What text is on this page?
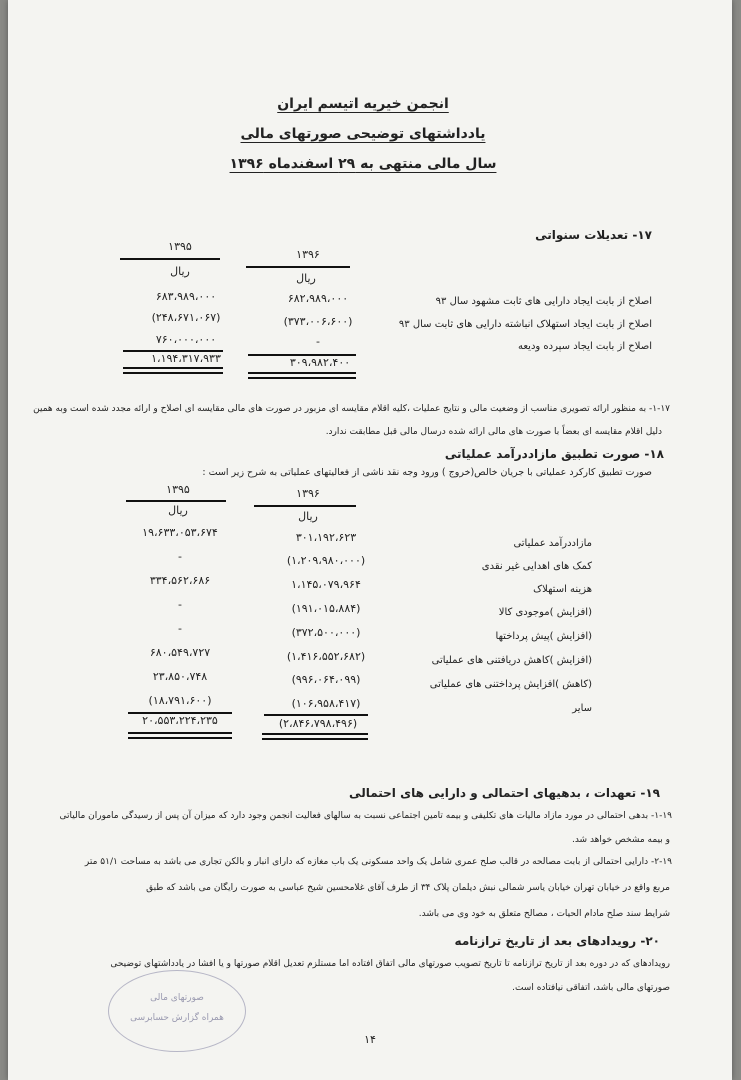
انجمن خیریه اتیسم ایران
یادداشتهای توضیحی صورتهای مالی
سال مالی منتهی به ۲۹ اسفندماه ۱۳۹۶
۱۷- تعدیلات سنواتی
۱۳۹۶
۱۳۹۵
ریال
ریال
اصلاح از بابت ایجاد دارایی های ثابت مشهود سال ۹۳
۶۸۲،۹۸۹،۰۰۰
۶۸۳،۹۸۹،۰۰۰
اصلاح از بابت ایجاد استهلاک انباشته دارایی های ثابت سال ۹۳
(۳۷۳،۰۰۶،۶۰۰)
(۲۴۸،۶۷۱،۰۶۷)
اصلاح از بابت ایجاد سپرده ودیعه
-
۷۶۰،۰۰۰،۰۰۰
۳۰۹،۹۸۲،۴۰۰
۱،۱۹۴،۳۱۷،۹۳۳
۱-۱۷- به منظور ارائه تصویری مناسب از وضعیت مالی و نتایج عملیات ،کلیه اقلام مقایسه ای مزبور در صورت های مالی مقایسه ای اصلاح و ارائه مجدد شده است وبه همین
دلیل اقلام مقایسه ای بعضاً با صورت های مالی ارائه شده درسال مالی قبل مطابقت ندارد.
۱۸- صورت تطبیق مازاددرآمد عملیاتی
صورت تطبیق کارکرد عملیاتی با جریان خالص(خروج ) ورود وجه نقد ناشی از فعالیتهای عملیاتی به شرح زیر است :
۱۳۹۶
۱۳۹۵
ریال
ریال
مازاددرآمد عملیاتی
۳۰۱،۱۹۲،۶۲۳
۱۹،۶۳۳،۰۵۳،۶۷۴
کمک های اهدایی غیر نقدی
(۱،۲۰۹،۹۸۰،۰۰۰)
-
هزینه استهلاک
۱،۱۴۵،۰۷۹،۹۶۴
۳۳۴،۵۶۲،۶۸۶
(افزایش )موجودی کالا
(۱۹۱،۰۱۵،۸۸۴)
-
(افزایش )پیش پرداختها
(۳۷۲،۵۰۰،۰۰۰)
-
(افزایش )کاهش دریافتنی های عملیاتی
(۱،۴۱۶،۵۵۲،۶۸۲)
۶۸۰،۵۴۹،۷۲۷
(کاهش )افزایش پرداختنی های عملیاتی
(۹۹۶،۰۶۴،۰۹۹)
۲۳،۸۵۰،۷۴۸
سایر
(۱۰۶،۹۵۸،۴۱۷)
(۱۸،۷۹۱،۶۰۰)
(۲،۸۴۶،۷۹۸،۴۹۶)
۲۰،۵۵۳،۲۲۴،۲۳۵
۱۹- تعهدات ، بدهیهای احتمالی و دارایی های احتمالی
۱-۱۹- بدهی احتمالی در مورد مازاد مالیات های تکلیفی و بیمه تامین اجتماعی نسبت به سالهای فعالیت انجمن وجود دارد که میزان آن پس از رسیدگی ماموران مالیاتی
و بیمه مشخص خواهد شد.
۲-۱۹- دارایی احتمالی از بابت مصالحه در قالب صلح عمری شامل یک واحد مسکونی یک باب مغازه که دارای انبار و بالکن تجاری می باشد به مساحت ۵۱/۱ متر
مربع واقع در خیابان تهران خیابان یاسر شمالی نبش دیلمان پلاک ۳۴ از طرف آقای غلامحسین شیخ عباسی به صورت رایگان می باشد که طبق
شرایط سند صلح مادام الحیات ، مصالح متعلق به خود وی می باشد.
۲۰- رویدادهای بعد از تاریخ ترازنامه
رویدادهای که در دوره بعد از تاریخ ترازنامه تا تاریخ تصویب صورتهای مالی اتفاق افتاده اما مستلزم تعدیل اقلام صورتها و یا افشا در یادداشتهای توضیحی
صورتهای مالی باشد، اتفاقی نیافتاده است.
صورتهای مالی
همراه گزارش حسابرسی
۱۴
